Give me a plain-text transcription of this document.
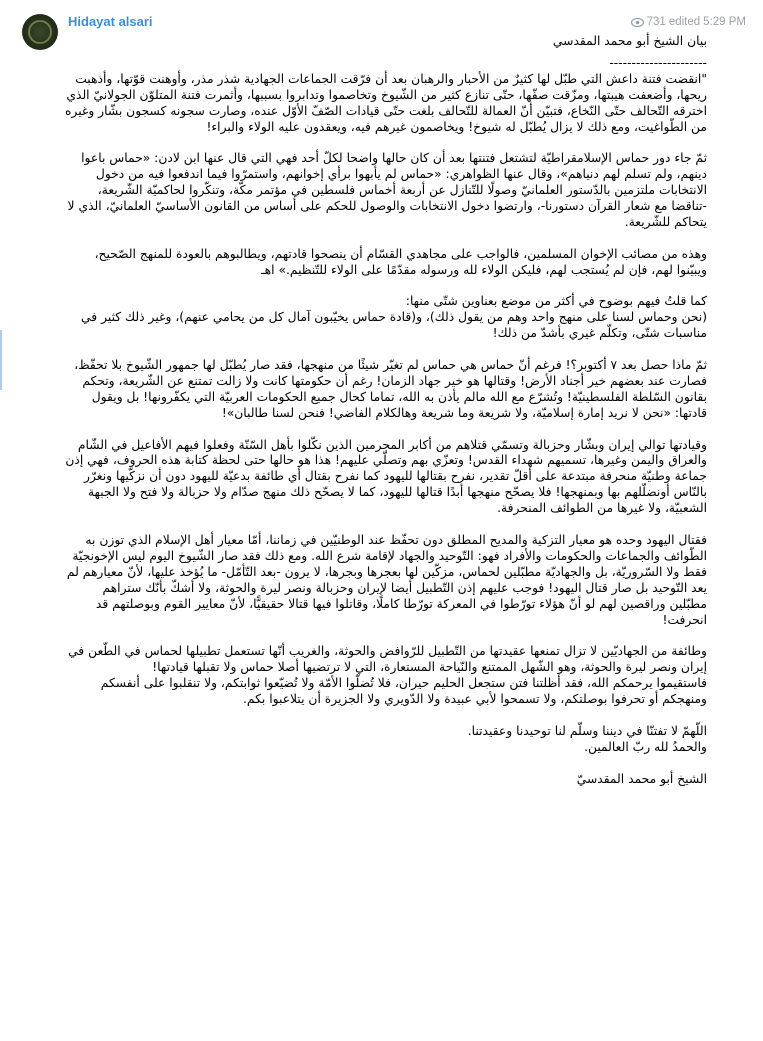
Hidayat alsari	731 edited 5:29 PM

بيان الشيخ أبو محمد المقدسي

----------------------

"انقضت فتنة داعش التي طبّل لها كثيرٌ من الأحبار والرهبان بعد أن فرّقت الجماعات الجهادية شذر مذر، وأوهنت قوّتها، وأذهبت ريحها، وأضعفت هيبتها، ومزّقت صفّها، حتّى تنازع كثير من الشّيوخ وتخاصموا وتدابروا بسببها، وأثمرت فتنة المتلوّن الجولانيّ الذي اخترقه التّحالف حتّى النّخاع، فتبيّن أنّ العمالة للتّحالف بلغت حتّى قيادات الصّفّ الأوّل عنده، وصارت سجونه كسجون بشّار وغيره من الطّواغيت، ومع ذلك لا يزال يُطبّل له شيوخ! ويخاصمون غيرهم فيه، ويعقدون عليه الولاء والبراء!

ثمّ جاء دور حماس الإسلامقراطيّة لتشتعل فتنتها بعد أن كان حالها واضحا لكلّ أحد فهي التي قال عنها ابن لادن: «حماس باعوا دينهم، ولم تسلم لهم دنياهم»، وقال عنها الظواهري: «حماس لم يأبهوا برأي إخوانهم، واستمرّوا فيما اندفعوا فيه من دخول الانتخابات ملتزمين بالدّستور العلمانيّ وصولًا للتّنازل عن أربعة أخماس فلسطين في مؤتمر مكّة، وتنكّروا لحاكميّة الشّريعة، -تناقضا مع شعار القرآن دستورنا-، وارتضوا دخول الانتخابات والوصول للحكم على أساس من القانون الأساسيّ العلمانيّ، الذي لا يتحاكم للشّريعة.

وهذه من مصائب الإخوان المسلمين، فالواجب على مجاهدي القسّام أن ينصحوا قادتهم، ويطالبوهم بالعودة للمنهج الصّحيح، ويبيّنوا لهم، فإن لم يُستجب لهم، فليكن الولاء لله ورسوله مقدّمًا على الولاء للتّنظيم.» اهـ

كما قلتُ فيهم بوضوح في أكثر من موضع بعناوين شتّى منها:
(نحن وحماس لسنا على منهج واحد وهم من يقول ذلك)، و(قادة حماس يخيّبون آمال كل من يحامي عنهم)، وغير ذلك كثير في مناسبات شتّى، وتكلّم غيري بأشدّ من ذلك!

ثمّ ماذا حصل بعد ٧ أكتوبر؟! فرغم أنّ حماس هي حماس لم تغيّر شيئًا من منهجها، فقد صار يُطبّل لها جمهور الشّيوخ بلا تحفّظ، فصارت عند بعضهم خير أجناد الأرض! وقتالها هو خير جهاد الزمان! رغم أن حكومتها كانت ولا زالت تمتنع عن الشّريعة، وتحكم بقانون السّلطة الفلسطينيّة! وتُشرّع مع الله مالم يأذن به الله، تماما كحال جميع الحكومات العربيّة التي يكفّرونها! بل ويقول قادتها: «نحن لا نريد إمارة إسلاميّة، ولا شريعة وما شريعة وهالكلام الفاضي! فنحن لسنا طالبان»!

وقيادتها توالي إيران وبشّار وحزبالة وتسمّي قتلاهم من أكابر المجرمين الذين نكّلوا بأهل السّنّة وفعلوا فيهم الأفاعيل في الشّام والعراق واليمن وغيرها، تسميهم شهداء القدس! وتعزّي بهم وتصلّي عليهم! هذا هو حالها حتى لحظة كتابة هذه الحروف، فهي إذن جماعة وطنيّة منحرفة مبتدعة على أقلّ تقدير، نفرح بقتالها لليهود كما نفرح بقتال أي طائفة بدعيّة لليهود دون أن نزكّيها ونغرّر بالنّاس أونضلّلهم بها وبمنهجها! فلا يصحّح منهجها أبدًا قتالها لليهود، كما لا يصحّح ذلك منهج صدّام ولا حزبالة ولا فتح ولا الجبهة الشعبيّة، ولا غيرها من الطوائف المنحرفة.

فقتال اليهود وحده هو معيار التزكية والمديح المطلق دون تحفّظ عند الوطنيّين في زماننا، أمّا معيار أهل الإسلام الذي توزن به الطّوائف والجماعات والحكومات والأفراد فهو: التّوحيد والجهاد لإقامة شرع الله. ومع ذلك فقد صار الشّيوخ اليوم ليس الإخونجيّة فقط ولا السّروريّة، بل والجهاديّة مطبّلين لحماس، مزكّين لها بعجرها وبجرها، لا يرون -بعد التّأمّل- ما يُؤخذ عليها، لأنّ معيارهم لم يعد التّوحيد بل صار قتال اليهود! فوجب عليهم إذن التّطبيل أيضا لإيران وحزبالة ونصر ليرة والحوثة، ولا أشكّ بأنّك ستراهم مطبّلين وراقصين لهم لو أنّ هؤلاء تورّطوا في المعركة تورّطا كاملًا، وقاتلوا فيها قتالا حقيقيًّا، لأنّ معايير القوم وبوصلتهم قد انحرفت!

وطائفة من الجهاديّين لا تزال تمنعها عقيدتها من التّطبيل للرّوافض والحوثة، والغريب أنّها تستعمل تطبيلها لحماس في الطّعن في إيران ونصر ليرة والحوثة، وهو الشّهل الممتنع والنّياحة المستعارة، التي لا ترتضيها أصلا حماس ولا تقبلها قيادتها!
فاستقيموا يرحمكم الله، فقد أظلتنا فتن ستجعل الحليم حيران، فلا تُضلّوا الأمّة ولا تُضيّعوا ثوابتكم، ولا تنقلبوا على أنفسكم ومنهجكم أو تحرفوا بوصلتكم، ولا تسمحوا لأبي عبيدة ولا الدّويري ولا الجزيرة أن يتلاعبوا بكم.

اللّهمّ لا تفتنّا في ديننا وسلّم لنا توحيدنا وعقيدتنا.
والحمدُ لله ربّ العالمين.

الشيخ أبو محمد المقدسيّ
